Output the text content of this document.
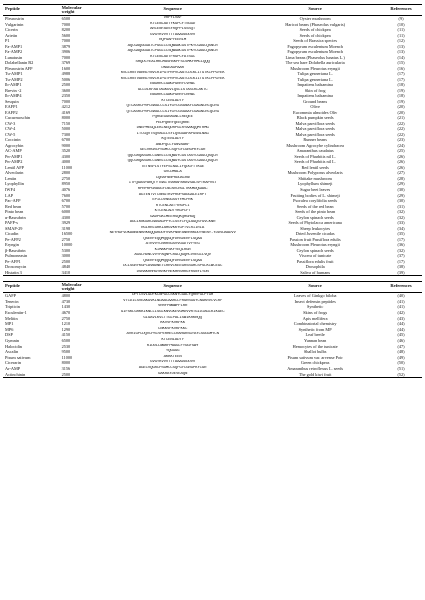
Peptide	Molecular weight	Sequence	Source	References
Pleurostrin	6500	VRPYLVAF	Oyster mushroom	(9)
Vulgarinin	7000	KTCENLADTYKGPCFTSGGD	Haricot beans (Phaseolus vulgaris)	(10)
Cicerin	8200	ARCENFADSYRQPPISSSQT	Seeds of chickpea	(11)
Arietin	5600	GVGYKVVVTTTAAADDDDVV	Seeds of chickpea	(11)
P1	7000	RQPGAPYEERLM	Seeds of Brassica species	(12)
Fa-AMP1	3879	AQCGAQGGGATCPGGLCCSQWGWCGSTPKYCGAGCQSNCR	Fagopyrum esculentum Moench	(13)
Fa-AMP2	3906	AQCGAQGGGATCPGGLCCSQWGWCGSTPKYCGAGCQSNCR	Fagopyrum esculentum Moench	(13)
Lunatusin	7000	KTCENLADTFRGPCFATSGC	Lima beans (Phaseolus lunatus L.)	(14)
Dolabellanin B2	3769	SHQDCYEALHKCMASHSKPFSCSMKFHMCLQQQ	The sea hare Dolabella auricularia	(15)
Pleurostrin AFP	1600	DNGEAGPAAR	Mushroom Pleurotus eryngii	(16)
Tu-AMP1	4988	KSCCRNTVARNCYNVCRIPGTPRPVCAATCDCKLITGTKCPPGYEK	Tulipa gesneriana L.	(17)
Tu-AMP2	5006	KSCCRNTVARNCYNVCRIPGTPRPVCAATCDCKIITGTKCPPGYEK	Tulipa gesneriana L.	(17)
Ib-AMP1	2500	EWGRRCCGWGPGRRYCVRWC	Impatiens balsamina	(18)
Brevin -2	3600	GLLDLKFAATAGKGVLQSLLSTASCKLAKTC	Skin of frog	(19)
Ib-AMP4	2350	EWGRRCCGWGPGRRYCRRWC	Impatiens balsamina	(18)
Sesquin	7000	KTCENLADTY	Ground beans	(19)
EAFP1	4212	QTCASRCPRPCNAGLCCSIYGYCGSGNAYCGAGNCRCQCRG	Olive	(20)
EAFP2	4169	QTCASRCPRPCNAGLCCSIYGYCGSGAAYCGAGNCRCQCRG	Eucommia ulmoides Oliv	(20)
Cucurmoschin	8000	PQRGEGGRAGNLLREQEE	Black pumpkin seeds	(21)
CW-3	7150	PEDPQRRYQEEQRRE	Malva parviflora seeds	(22)
CW-4	5000	DNEPMEGQLEKLNEQDRPGLRYAAKQQMTRMG	Malva parviflora seeds	(22)
CW-5	7300	ITCGQVTSQVAGCLSYLQSGGAPAPGSNLNAG	Malva parviflora seeds	(22)
Coccinin	6700	KQTENLADTY	Runner beans	(23)
Agrocybin	9000	ANDPQCLYGNVAAKF	Mushroom Agrocybe cylindracea	(24)
AC-AMP	3520	GECVRGRCPSGMCCSQFGYCGRGPKYCGR	Amaranthus caudatus	(25)
Pn-AMP1	4300	QQCGRQASGRLCGNRLCCSQWGYCGSTASYCGAGCQSQCR	Seeds of Pharbitis nil L.	(26)
Pn-AMP2	4000	QQCGRQASGRLCGNRLCCSQWGYCGSTASYCGAGCQSQCR	Seeds of Pharbitis nil L.	(26)
Lentil AFP	11000	TETNSPISTYEPSLNGLIFQDGYTTKGE	Red lentil seeds	(26)
Alveolarin	2800	GVCDMALA	Mushroom Polyporus alveolaris	(27)
Lentin	2750	CQRAFNNPRDDAIRW	Shiitake mushroom	(28)
Lyophyllin	8950	ITFQGASPARQTYTNAITRARAPARAVSALSPTKAPVST	Lyophyllum shimeji	(29)
IWF4	4076	RPRPRPGRAGGYCNLNVCRGLTKKMDQGAAC	Sugar beet leaves	(30)
LAP	7600	AGTENTVTCNNGTKVPROPSAGGALEIRPT	Fruiting bodies of L. shimeji	(29)
Pac-AFP	6700	EPILDVNGGSSYYMCPRK	Psoralea corylifolia seeds	(30)
Red bean	5700	RTCENLAETYRGPCI	Seeds of the red bean	(31)
Pinto bean	6000	KTCENLADTYKGPCFT	Seeds of the pinto bean	(32)
α-Basrubrin	4300	GADPGKCMEEHSQKQHGHGQ	Ceylon spinach seeds	(32)
PAFP-s	3929	AGCIKNGGRCNASAGPPYCCSSYCFQIAGQSYGVCKNR	Seeds of Phytolacca americana	(33)
SMAP-29	3198	RGLRRLGRKIAHGVKKYGPTVLRIIRIA	Sheep leukocytes	(34)
Cicadin	16500	NEYHGFVDKANNENKRKKQQGRDDFVVKPNNFANRRRKDDYNENY-YDDVDAADVV	Dried Juvenile cicadas	(35)
Pe-AFP2	2750	QSERFEQQMQQGQFDHSDERFLSQAA	Passion fruit Passiflora edulis	(17)
Eryngin	10000	ATRVVYCNRRSGSVVGGDTVYYEG	Mushroom Pleurotus eryngii	(36)
β-Basrubrin	5300	KIMAKPSKFYEQLRGR	Ceylon spinach seeds	(32)
Pulmoneasin	3000	AGSLHDNCVVYPAQNPCRGLQGQHCVVEGCLVQV	Viscera of tunicate	(37)
Pe-AFP1	2500	QSERFEQQMQQGQFDHSDERFLSQAA	Passiflora edulis fruit	(17)
Drosomycin	4840	DCLSGRYKGPCAVWDNETCRRVCKEEGRSSGHCSPSLKCWCEGC	Drosophila	(38)
Histatin 3	3410	DSHAKRHHGYKRKFHEKHHSHRGYRSNYLYDN	Saliva of humans	(39)
Peptide	Molecular weight	Sequence	Source	References
GAFP	4800	DPTCSVLGDFKCNPGCCSKNYCGACYQRRFGLPTGH	Leaves of Ginkgo biloba	(40)
Tenecin	4730	VTCDILSVEAKGVKLNDAACAAHCLFRGRSGGYCNGKRVCVCRr	Insect defensin peptides	(41)
Tripticin	1430	VRRFPWWWPFLRR	Synthetic	(41)
Esculentin-1	4670	GIFSKLGRKKIKNLLISGLKNVGKEVGMDVVRTGIDIAGCKIKGEC	Skins of frogs	(42)
Melitin	2750	GIGAVLKVLTTGLPALISWIKRKRQQ	Apis mellifera	(43)
MP1	1210	KKVVFKVKFKK	Combinatorial chemistry	(44)
MP6	1290	CNKKVFKVKFKKC	Synthetic from MP	(44)
DSP	4150	AVRIGPCDQVCPRIVPERHECCRAHGRSGYAYCSGGGMYCN	Leaf beetle	(45)
Gymnin	6500	KTCENLADTY	Yunnan bean	(46)
Halocidin	2530	RIDDLLWWRFPWGGLFYGGFSWY	Hemocytes of the tunicate	(47)
Ascalin	9500	YQGGGG	Shallot bulbs	(48)
Pisum sativum	11000	AKKKTEEN	Pisum sativum var. arvense Poir	(49)
Cicerarin	8000	GVGYKVVVTTTAAADDDDVV	Green chickpeas	(50)
Ar-AMP	3156	AGECVQGRCPSGMCCSQFGYCGRGPKYCGR	Amaranthus retroflexus L. seeds	(51)
Actinchinin	2500	GAKRAYDEVEAQN	The gold kiwi fruit	(52)
